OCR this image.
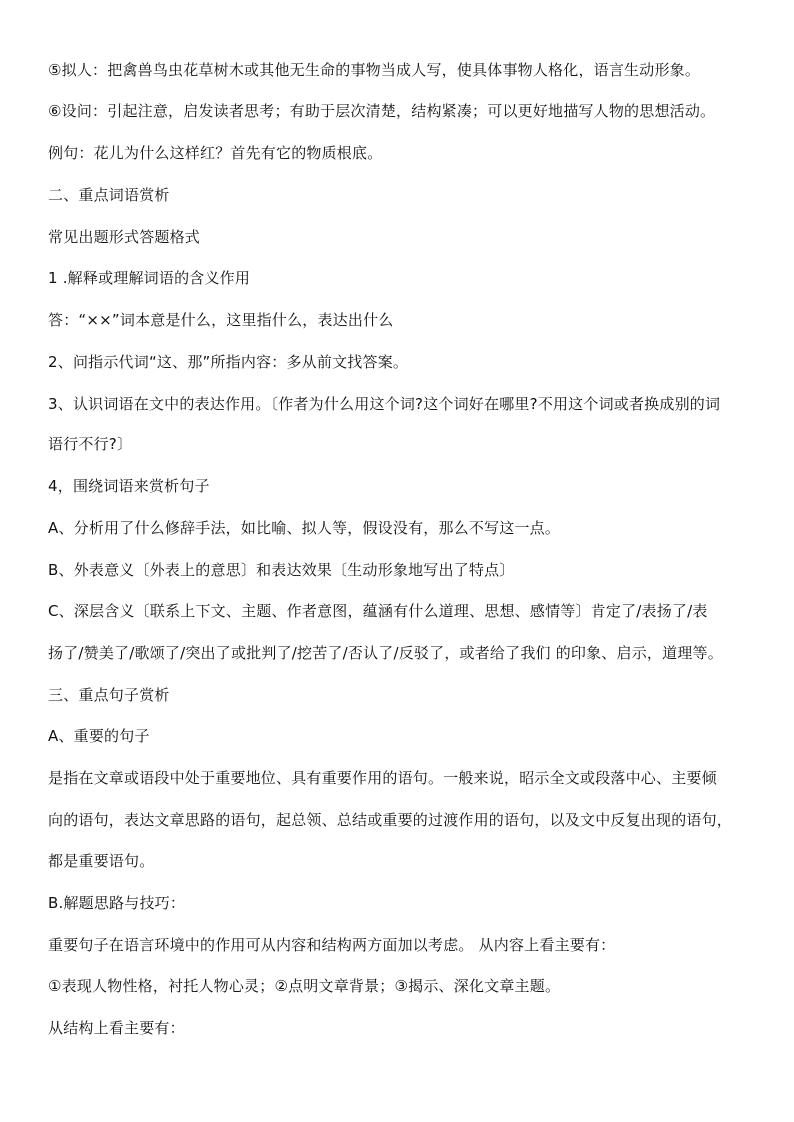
⑤拟人：把禽兽鸟虫花草树木或其他无生命的事物当成人写，使具体事物人格化，语言生动形象。

⑥设问：引起注意，启发读者思考；有助于层次清楚，结构紧凑；可以更好地描写人物的思想活动。

例句：花儿为什么这样红？首先有它的物质根底。

二、重点词语赏析

常见出题形式答题格式

1 .解释或理解词语的含义作用

答：“××”词本意是什么，这里指什么，表达出什么

2、问指示代词“这、那”所指内容：多从前文找答案。

3、认识词语在文中的表达作用。〔作者为什么用这个词?这个词好在哪里?不用这个词或者换成别的词

语行不行?〕

4，围绕词语来赏析句子

A、分析用了什么修辞手法，如比喻、拟人等，假设没有，那么不写这一点。

B、外表意义〔外表上的意思〕和表达效果〔生动形象地写出了特点〕

C、深层含义〔联系上下文、主题、作者意图，蕴涵有什么道理、思想、感情等〕肯定了/表扬了/表

扬了/赞美了/歌颂了/突出了或批判了/挖苦了/否认了/反驳了，或者给了我们 的印象、启示，道理等。

三、重点句子赏析

A、重要的句子

是指在文章或语段中处于重要地位、具有重要作用的语句。一般来说，昭示全文或段落中心、主要倾

向的语句，表达文章思路的语句，起总领、总结或重要的过渡作用的语句，以及文中反复出现的语句，

都是重要语句。

B.解题思路与技巧：

重要句子在语言环境中的作用可从内容和结构两方面加以考虑。 从内容上看主要有：

①表现人物性格，衬托人物心灵；②点明文章背景；③揭示、深化文章主题。

从结构上看主要有：
